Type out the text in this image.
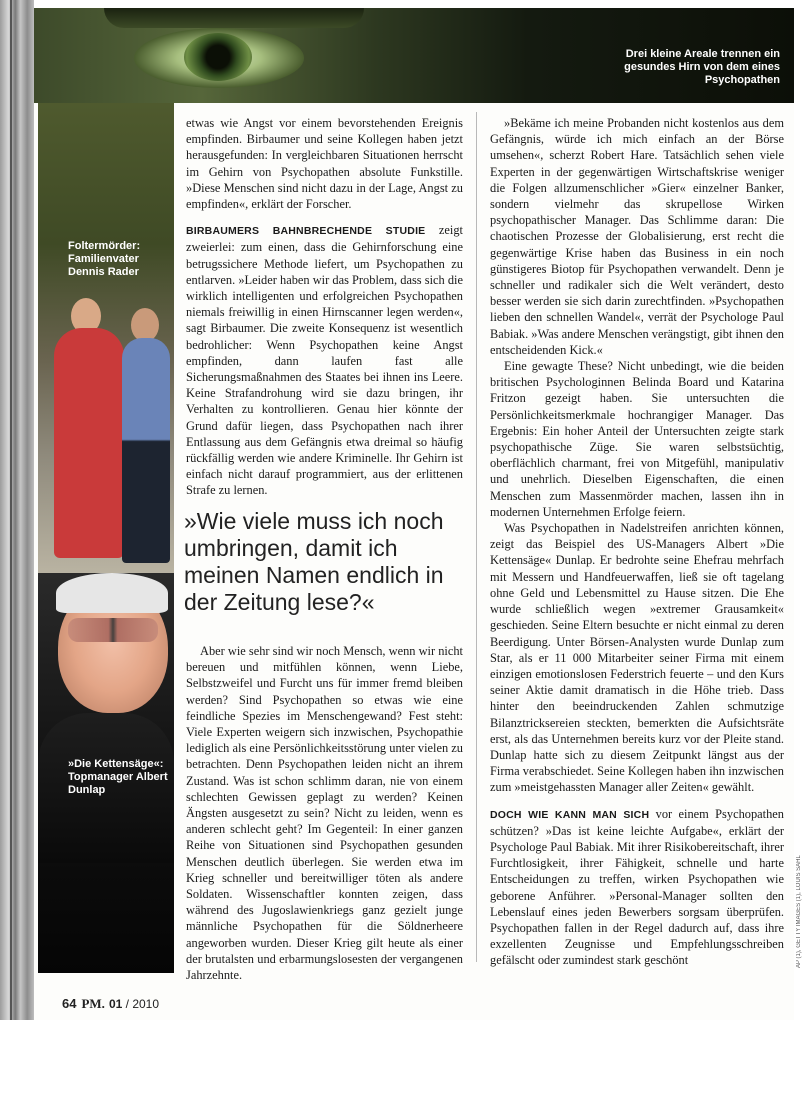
Drei kleine Areale trennen ein gesundes Hirn von dem eines Psychopathen
Foltermörder: Familienvater Dennis Rader
»Die Kettensäge«: Topmanager Albert Dunlap

etwas wie Angst vor einem bevorstehenden Ereignis empfinden. Birbaumer und seine Kollegen haben jetzt herausgefunden: In vergleichbaren Situationen herrscht im Gehirn von Psychopathen absolute Funkstille. »Diese Menschen sind nicht dazu in der Lage, Angst zu empfinden«, erklärt der Forscher.

BIRBAUMERS BAHNBRECHENDE STUDIE zeigt zweierlei: zum einen, dass die Gehirnforschung eine betrugssichere Methode liefert, um Psychopathen zu entlarven. »Leider haben wir das Problem, dass sich die wirklich intelligenten und erfolgreichen Psychopathen niemals freiwillig in einen Hirnscanner legen werden«, sagt Birbaumer. Die zweite Konsequenz ist wesentlich bedrohlicher: Wenn Psychopathen keine Angst empfinden, dann laufen fast alle Sicherungsmaßnahmen des Staates bei ihnen ins Leere. Keine Strafandrohung wird sie dazu bringen, ihr Verhalten zu kontrollieren. Genau hier könnte der Grund dafür liegen, dass Psychopathen nach ihrer Entlassung aus dem Gefängnis etwa dreimal so häufig rückfällig werden wie andere Kriminelle. Ihr Gehirn ist einfach nicht darauf programmiert, aus der erlittenen Strafe zu lernen.

»Wie viele muss ich noch umbringen, damit ich meinen Namen endlich in der Zeitung lese?«

Aber wie sehr sind wir noch Mensch, wenn wir nicht bereuen und mitfühlen können, wenn Liebe, Selbstzweifel und Furcht uns für immer fremd bleiben werden? Sind Psychopathen so etwas wie eine feindliche Spezies im Menschengewand? Fest steht: Viele Experten weigern sich inzwischen, Psychopathie lediglich als eine Persönlichkeitsstörung unter vielen zu betrachten. Denn Psychopathen leiden nicht an ihrem Zustand. Was ist schon schlimm daran, nie von einem schlechten Gewissen geplagt zu werden? Keinen Ängsten ausgesetzt zu sein? Nicht zu leiden, wenn es anderen schlecht geht? Im Gegenteil: In einer ganzen Reihe von Situationen sind Psychopathen gesunden Menschen deutlich überlegen. Sie werden etwa im Krieg schneller und bereitwilliger töten als andere Soldaten. Wissenschaftler konnten zeigen, dass während des Jugoslawienkriegs ganz gezielt junge männliche Psychopathen für die Söldnerheere angeworben wurden. Dieser Krieg gilt heute als einer der brutalsten und erbarmungslosesten der vergangenen Jahrzehnte.

»Bekäme ich meine Probanden nicht kostenlos aus dem Gefängnis, würde ich mich einfach an der Börse umsehen«, scherzt Robert Hare. Tatsächlich sehen viele Experten in der gegenwärtigen Wirtschaftskrise weniger die Folgen allzumenschlicher »Gier« einzelner Banker, sondern vielmehr das skrupellose Wirken psychopathischer Manager. Das Schlimme daran: Die chaotischen Prozesse der Globalisierung, erst recht die gegenwärtige Krise haben das Business in ein noch günstigeres Biotop für Psychopathen verwandelt. Denn je schneller und radikaler sich die Welt verändert, desto besser werden sie sich darin zurechtfinden. »Psychopathen lieben den schnellen Wandel«, verrät der Psychologe Paul Babiak. »Was andere Menschen verängstigt, gibt ihnen den entscheidenden Kick.«

Eine gewagte These? Nicht unbedingt, wie die beiden britischen Psychologinnen Belinda Board und Katarina Fritzon gezeigt haben. Sie untersuchten die Persönlichkeitsmerkmale hochrangiger Manager. Das Ergebnis: Ein hoher Anteil der Untersuchten zeigte stark psychopathische Züge. Sie waren selbstsüchtig, oberflächlich charmant, frei von Mitgefühl, manipulativ und unehrlich. Dieselben Eigenschaften, die einen Menschen zum Massenmörder machen, lassen ihn in modernen Unternehmen Erfolge feiern.

Was Psychopathen in Nadelstreifen anrichten können, zeigt das Beispiel des US-Managers Albert »Die Kettensäge« Dunlap. Er bedrohte seine Ehefrau mehrfach mit Messern und Handfeuerwaffen, ließ sie oft tagelang ohne Geld und Lebensmittel zu Hause sitzen. Die Ehe wurde schließlich wegen »extremer Grausamkeit« geschieden. Seine Eltern besuchte er nicht einmal zu deren Beerdigung. Unter Börsen-Analysten wurde Dunlap zum Star, als er 11 000 Mitarbeiter seiner Firma mit einem einzigen emotionslosen Federstrich feuerte – und den Kurs seiner Aktie damit dramatisch in die Höhe trieb. Dass hinter den beeindruckenden Zahlen schmutzige Bilanztricksereien steckten, bemerkten die Aufsichtsräte erst, als das Unternehmen bereits kurz vor der Pleite stand. Dunlap hatte sich zu diesem Zeitpunkt längst aus der Firma verabschiedet. Seine Kollegen haben ihn inzwischen zum »meistgehassten Manager aller Zeiten« gewählt.

DOCH WIE KANN MAN SICH vor einem Psychopathen schützen? »Das ist keine leichte Aufgabe«, erklärt der Psychologe Paul Babiak. Mit ihrer Risikobereitschaft, ihrer Furchtlosigkeit, ihrer Fähigkeit, schnelle und harte Entscheidungen zu treffen, wirken Psychopathen wie geborene Anführer. »Personal-Manager sollten den Lebenslauf eines jeden Bewerbers sorgsam überprüfen. Psychopathen fallen in der Regel dadurch auf, dass ihre exzellenten Zeugnisse und Empfehlungsschreiben gefälscht oder zumindest stark geschönt	AP (1), GETTY IMAGES (1), LOUIS SAHL
64 PM. 01 / 2010
